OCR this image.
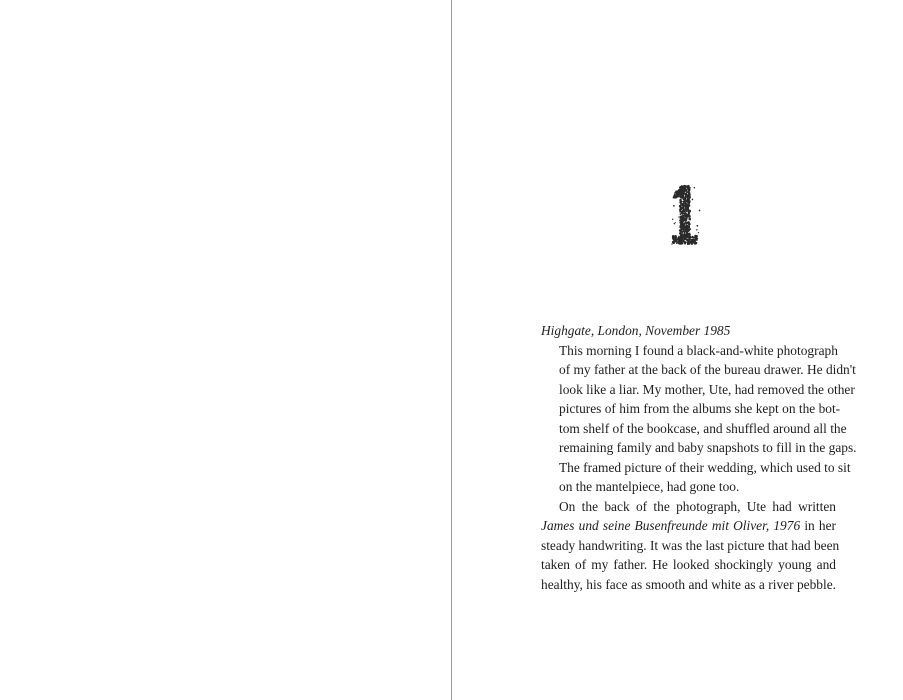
Highgate, London, November 1985

This morning I found a black-and-white photograph
of my father at the back of the bureau drawer. He didn't
look like a liar. My mother, Ute, had removed the other
pictures of him from the albums she kept on the bot-
tom shelf of the bookcase, and shuffled around all the
remaining family and baby snapshots to fill in the gaps.
The framed picture of their wedding, which used to sit
on the mantelpiece, had gone too.

On the back of the photograph, Ute had written
James und seine Busenfreunde mit Oliver, 1976 in her
steady handwriting. It was the last picture that had been
taken of my father. He looked shockingly young and
healthy, his face as smooth and white as a river pebble.
